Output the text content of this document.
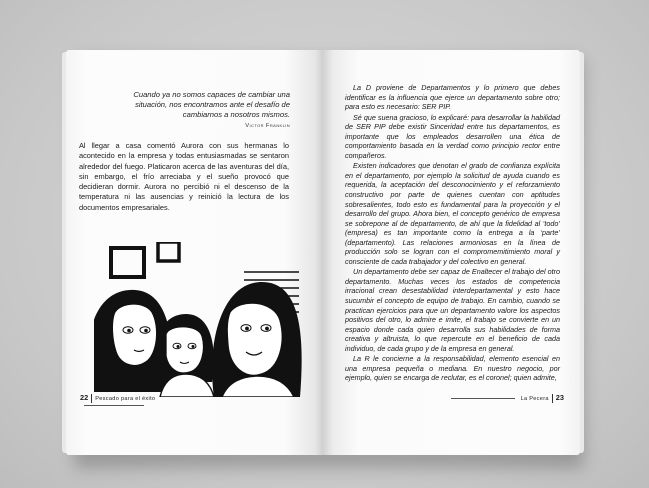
Cuando ya no somos capaces de cambiar una
situación, nos encontramos ante el desafío de
cambiarnos a nosotros mismos.
Victor Franklin

Al llegar a casa comentó Aurora con sus hermanas lo acontecido en la empresa y todas entusiasmadas se sentaron alrededor del fuego. Platicaron acerca de las aventuras del día, sin embargo, el frío arreciaba y el sueño provocó que decidieran dormir. Aurora no percibió ni el descenso de la temperatura ni las ausencias y reinició la lectura de los documentos empresariales.

22 Pescado para el éxito

La D proviene de Departamentos y lo primero que debes identificar es la influencia que ejerce un departamento sobre otro; para esto es necesario: SER PIP.

Sé que suena gracioso, lo explicaré: para desarrollar la habilidad de SER PIP debe existir Sinceridad entre tus departamentos, es importante que los empleados desarrollen una ética de comportamiento basada en la verdad como principio rector entre compañeros.

Existen indicadores que denotan el grado de confianza explícita en el departamento, por ejemplo la solicitud de ayuda cuando es requerida, la aceptación del desconocimiento y el reforzamiento constructivo por parte de quienes cuentan con aptitudes sobresalientes, todo esto es fundamental para la proyección y el desarrollo del grupo. Ahora bien, el concepto genérico de empresa se sobrepone al de departamento, de ahí que la fidelidad al ‘todo’ (empresa) es tan importante como la entrega a la ‘parte’ (departamento). Las relaciones armoniosas en la línea de producción solo se logran con el compromemitimiento moral y consciente de cada trabajador y del colectivo en general.

Un departamento debe ser capaz de Enaltecer el trabajo del otro departamento. Muchas veces los estados de competencia irracional crean desestabilidad interdepartamental y esto hace sucumbir el concepto de equipo de trabajo. En cambio, cuando se practican ejercicios para que un departamento valore los aspectos positivos del otro, lo admire e imite, el trabajo se convierte en un espacio donde cada quien desarrolla sus habilidades de forma creativa y altruista, lo que repercute en el beneficio de cada individuo, de cada grupo y de la empresa en general.

La R le concierne a la responsabilidad, elemento esencial en una empresa pequeña o mediana. En nuestro negocio, por ejemplo, quien se encarga de reclutar, es el coronel; quien admite,

La Pecera 23
